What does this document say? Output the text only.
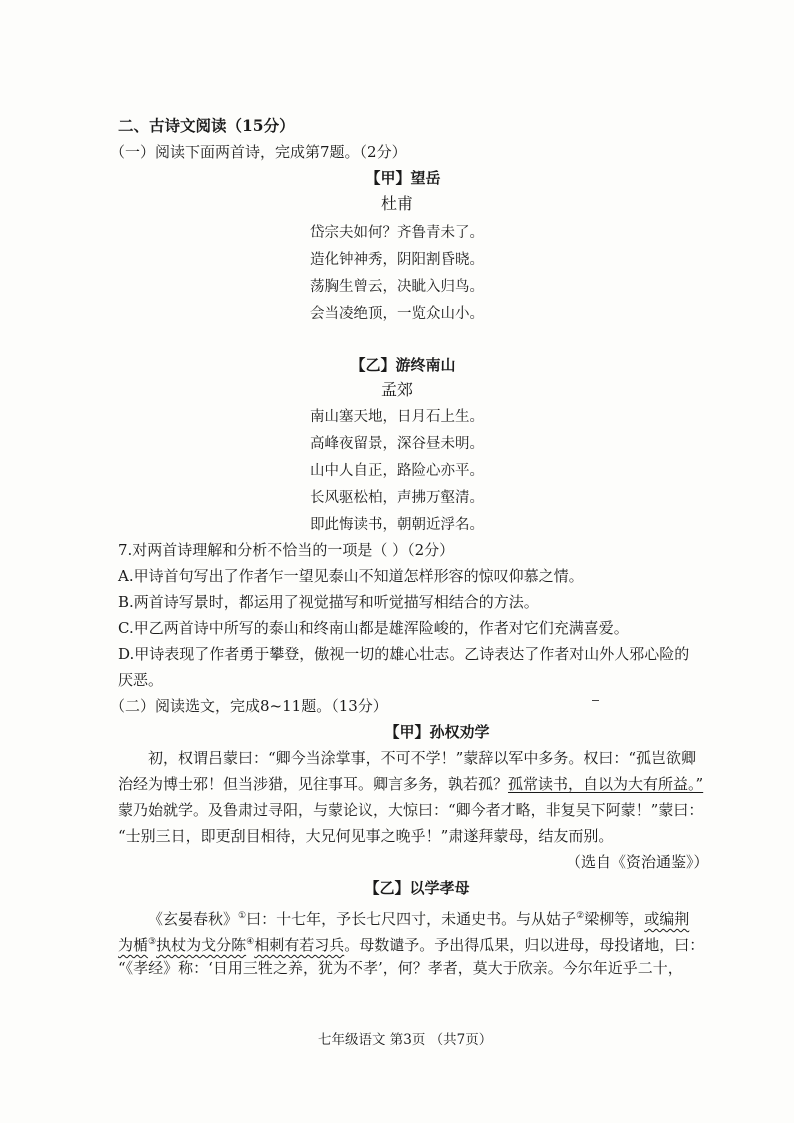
二、古诗文阅读（15分）
（一）阅读下面两首诗，完成第7题。（2分）
【甲】望岳
杜甫
岱宗夫如何？齐鲁青未了。
造化钟神秀，阴阳割昏晓。
荡胸生曾云，决眦入归鸟。
会当凌绝顶，一览众山小。
【乙】游终南山
孟郊
南山塞天地，日月石上生。
高峰夜留景，深谷昼未明。
山中人自正，路险心亦平。
长风驱松柏，声拂万壑清。
即此悔读书，朝朝近浮名。
7.对两首诗理解和分析不恰当的一项是（ ）（2分）
A.甲诗首句写出了作者乍一望见泰山不知道怎样形容的惊叹仰慕之情。
B.两首诗写景时，都运用了视觉描写和听觉描写相结合的方法。
C.甲乙两首诗中所写的泰山和终南山都是雄浑险峻的，作者对它们充满喜爱。
D.甲诗表现了作者勇于攀登，傲视一切的雄心壮志。乙诗表达了作者对山外人邪心险的
厌恶。
（二）阅读选文，完成8~11题。（13分）
【甲】孙权劝学
初，权谓吕蒙曰：“卿今当涂掌事，不可不学！”蒙辞以军中多务。权曰：“孤岂欲卿
治经为博士邪！但当涉猎，见往事耳。卿言多务，孰若孤？孤常读书，自以为大有所益。”
蒙乃始就学。及鲁肃过寻阳，与蒙论议，大惊曰：“卿今者才略，非复吴下阿蒙！”蒙曰：
“士别三日，即更刮目相待，大兄何见事之晚乎！”肃遂拜蒙母，结友而别。
（选自《资治通鉴》）
【乙】以学孝母
《玄晏春秋》①曰：十七年，予长七尺四寸，未通史书。与从姑子②梁柳等，或编荆
为楯③执杖为戈分陈④相刺有若习兵。母数谴予。予出得瓜果，归以进母，母投诸地，曰：
“《孝经》称：‘日用三牲之养，犹为不孝’，何？孝者，莫大于欣亲。今尔年近乎二十，
七年级语文 第3页 （共7页）
